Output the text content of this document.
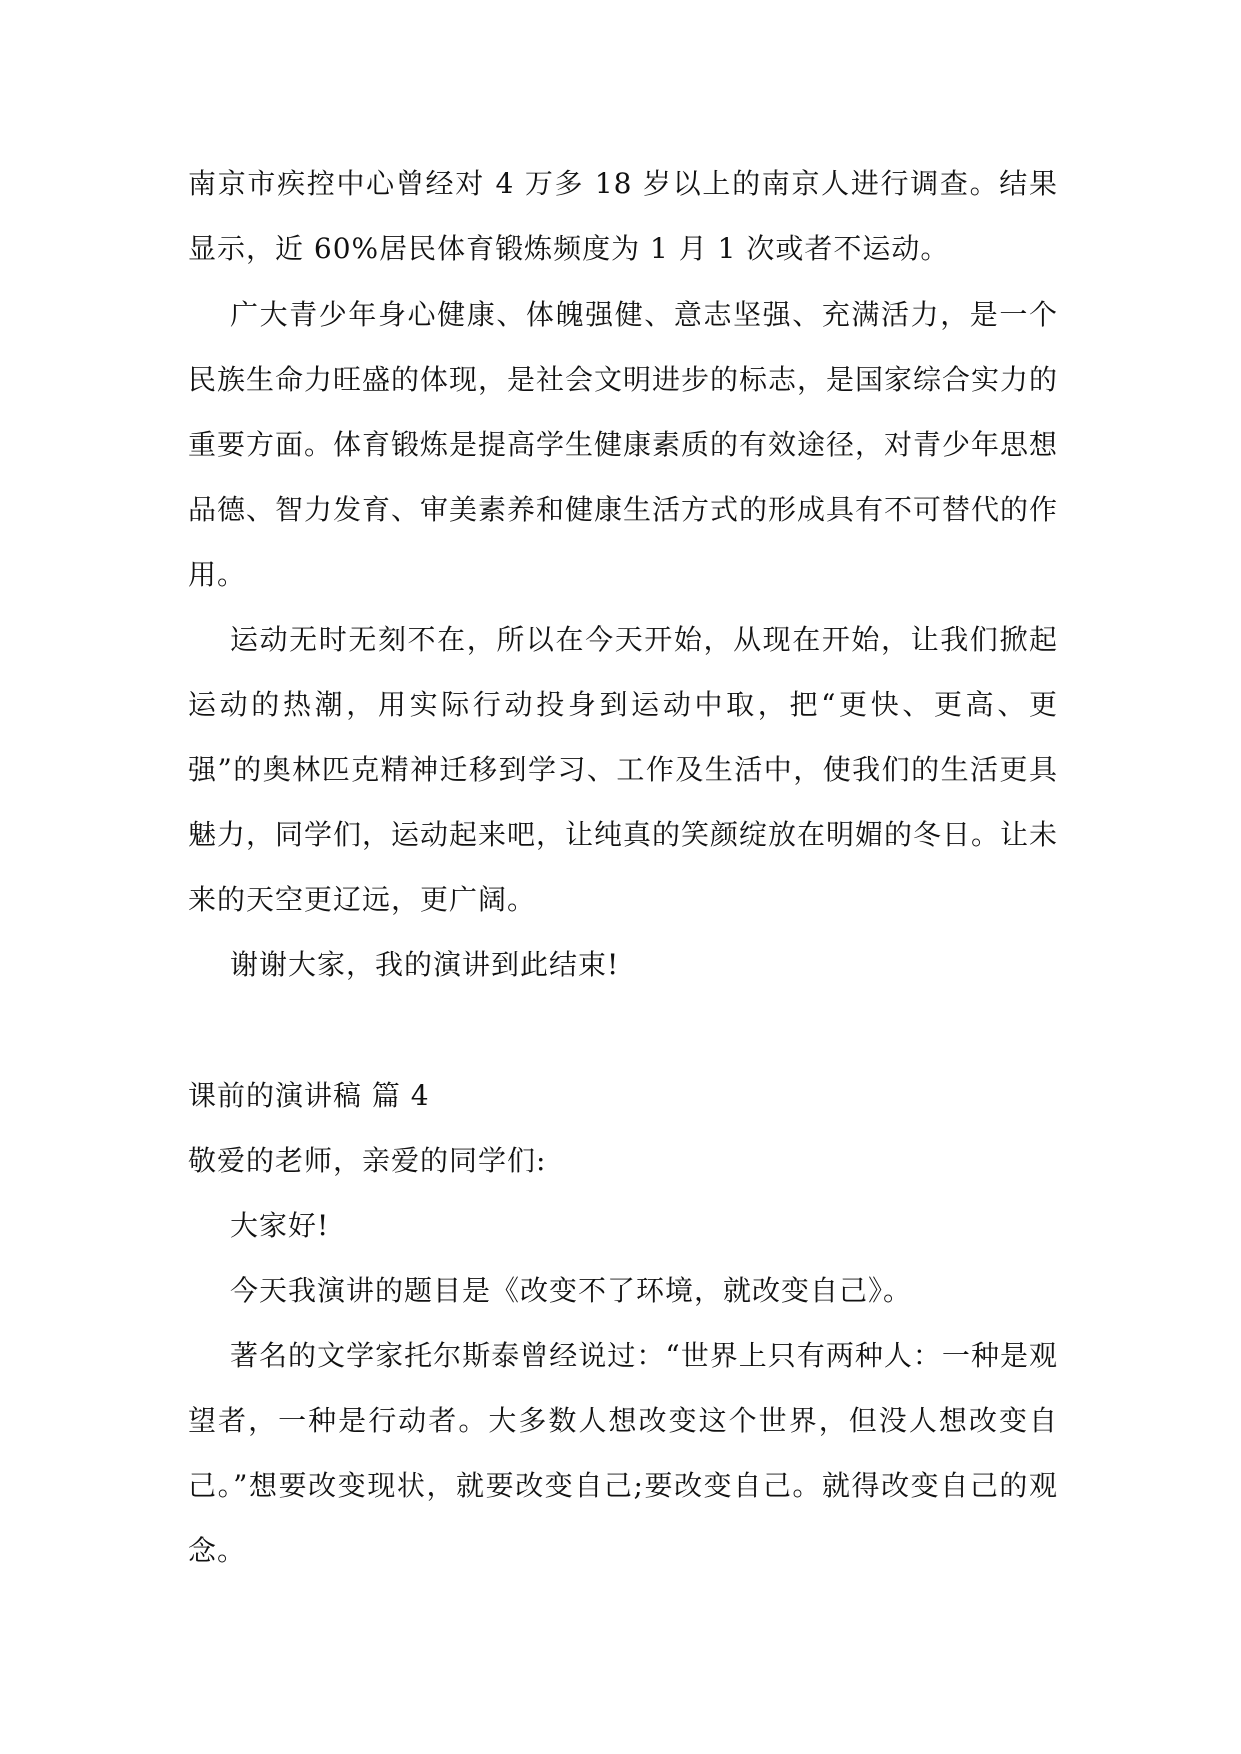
南京市疾控中心曾经对 4 万多 18 岁以上的南京人进行调查。结果显示，近 60%居民体育锻炼频度为 1 月 1 次或者不运动。

广大青少年身心健康、体魄强健、意志坚强、充满活力，是一个民族生命力旺盛的体现，是社会文明进步的标志，是国家综合实力的重要方面。体育锻炼是提高学生健康素质的有效途径，对青少年思想品德、智力发育、审美素养和健康生活方式的形成具有不可替代的作用。

运动无时无刻不在，所以在今天开始，从现在开始，让我们掀起运动的热潮，用实际行动投身到运动中取，把“更快、更高、更强”的奥林匹克精神迁移到学习、工作及生活中，使我们的生活更具魅力，同学们，运动起来吧，让纯真的笑颜绽放在明媚的冬日。让未来的天空更辽远，更广阔。

谢谢大家，我的演讲到此结束!

课前的演讲稿 篇 4

敬爱的老师，亲爱的同学们:

大家好!

今天我演讲的题目是《改变不了环境，就改变自己》。

著名的文学家托尔斯泰曾经说过：“世界上只有两种人：一种是观望者，一种是行动者。大多数人想改变这个世界，但没人想改变自己。”想要改变现状，就要改变自己;要改变自己。就得改变自己的观念。
